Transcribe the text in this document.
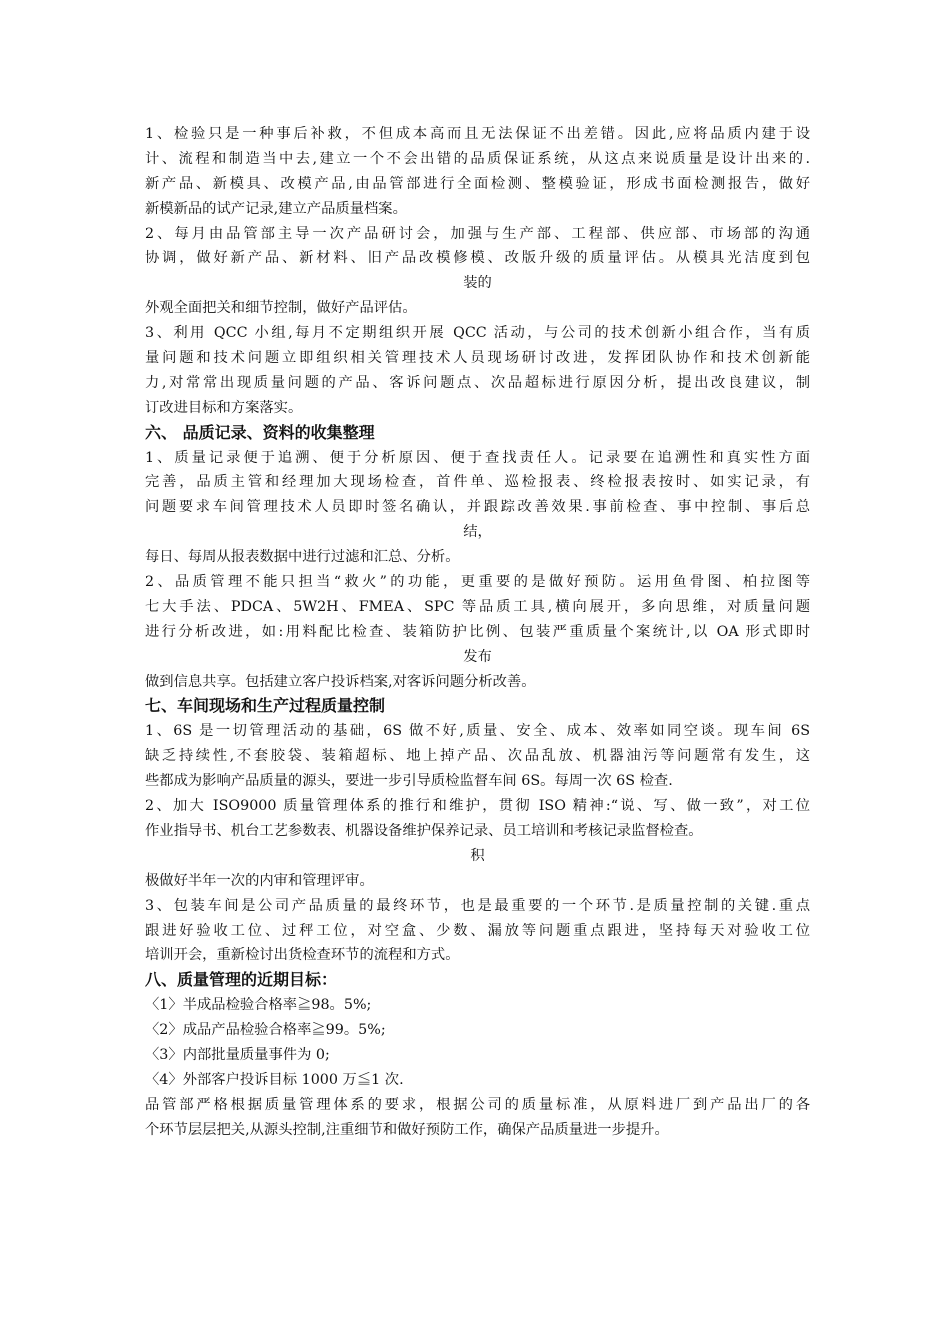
1、检验只是一种事后补救，不但成本高而且无法保证不出差错。因此,应将品质内建于设
计、流程和制造当中去,建立一个不会出错的品质保证系统，从这点来说质量是设计出来的.
新产品、新模具、改模产品,由品管部进行全面检测、整模验证，形成书面检测报告，做好
新模新品的试产记录,建立产品质量档案。
2、每月由品管部主导一次产品研讨会，加强与生产部、工程部、供应部、市场部的沟通
协调，做好新产品、新材料、旧产品改模修模、改版升级的质量评估。从模具光洁度到包
装的
外观全面把关和细节控制，做好产品评估。
3、利用 QCC 小组,每月不定期组织开展 QCC 活动，与公司的技术创新小组合作，当有质
量问题和技术问题立即组织相关管理技术人员现场研讨改进，发挥团队协作和技术创新能
力,对常常出现质量问题的产品、客诉问题点、次品超标进行原因分析，提出改良建议，制
订改进目标和方案落实。
六、 品质记录、资料的收集整理
1、质量记录便于追溯、便于分析原因、便于查找责任人。记录要在追溯性和真实性方面
完善，品质主管和经理加大现场检查，首件单、巡检报表、终检报表按时、如实记录，有
问题要求车间管理技术人员即时签名确认，并跟踪改善效果.事前检查、事中控制、事后总
结，
每日、每周从报表数据中进行过滤和汇总、分析。
2、品质管理不能只担当“救火”的功能，更重要的是做好预防。运用鱼骨图、柏拉图等
七大手法、PDCA、5W2H、FMEA、SPC 等品质工具,横向展开，多向思维，对质量问题
进行分析改进，如:用料配比检查、装箱防护比例、包装严重质量个案统计,以 OA 形式即时
发布
做到信息共享。包括建立客户投诉档案,对客诉问题分析改善。
七、车间现场和生产过程质量控制
1、6S 是一切管理活动的基础，6S 做不好,质量、安全、成本、效率如同空谈。现车间 6S
缺乏持续性,不套胶袋、装箱超标、地上掉产品、次品乱放、机器油污等问题常有发生，这
些都成为影响产品质量的源头，要进一步引导质检监督车间 6S。每周一次 6S 检查.
2、加大 ISO9000 质量管理体系的推行和维护，贯彻 ISO 精神:“说、写、做一致”，对工位
作业指导书、机台工艺参数表、机器设备维护保养记录、员工培训和考核记录监督检查。
积
极做好半年一次的内审和管理评审。
3、包装车间是公司产品质量的最终环节，也是最重要的一个环节.是质量控制的关键.重点
跟进好验收工位、过秤工位，对空盒、少数、漏放等问题重点跟进，坚持每天对验收工位
培训开会，重新检讨出货检查环节的流程和方式。
八、质量管理的近期目标：
〈1〉半成品检验合格率≧98。5%;
〈2〉成品产品检验合格率≧99。5%;
〈3〉内部批量质量事件为 0;
〈4〉外部客户投诉目标 1000 万≦1 次.
品管部严格根据质量管理体系的要求，根据公司的质量标准，从原料进厂到产品出厂的各
个环节层层把关,从源头控制,注重细节和做好预防工作，确保产品质量进一步提升。
